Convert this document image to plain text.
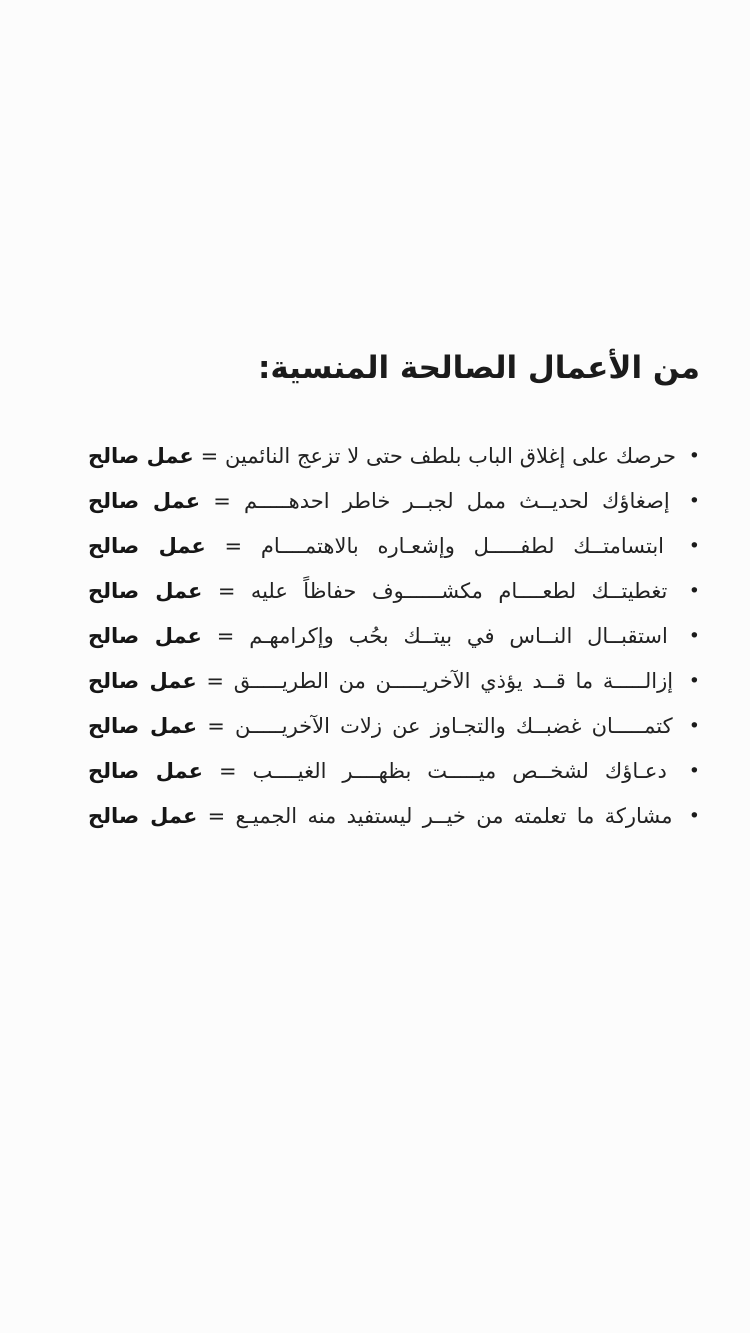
من الأعمال الصالحة المنسية:
• حرصك على إغلاق الباب بلطف حتى لا تزعج النائمين = عمل صالح
• إصغاؤك لحديــث ممل لجبــر خاطر احدهـــــم = عمل صالح
• ابتسامتــك لطفـــــل وإشعـاره بالاهتمــــام = عمل صالح
• تغطيتــك لطعــــام مكشــــــوف حفاظاً عليه = عمل صالح
• استقبــال النــاس في بيتــك بحُب وإكرامهـم = عمل صالح
• إزالـــــة ما قــد يؤذي الآخريـــــن من الطريـــــق = عمل صالح
• كتمـــــان غضبــك والتجـاوز عن زلات الآخريـــــن = عمل صالح
• دعـاؤك لشخــص ميـــــت بظهــــر الغيــــب = عمل صالح
• مشاركة ما تعلمته من خيــر ليستفيد منه الجميـع = عمل صالح
